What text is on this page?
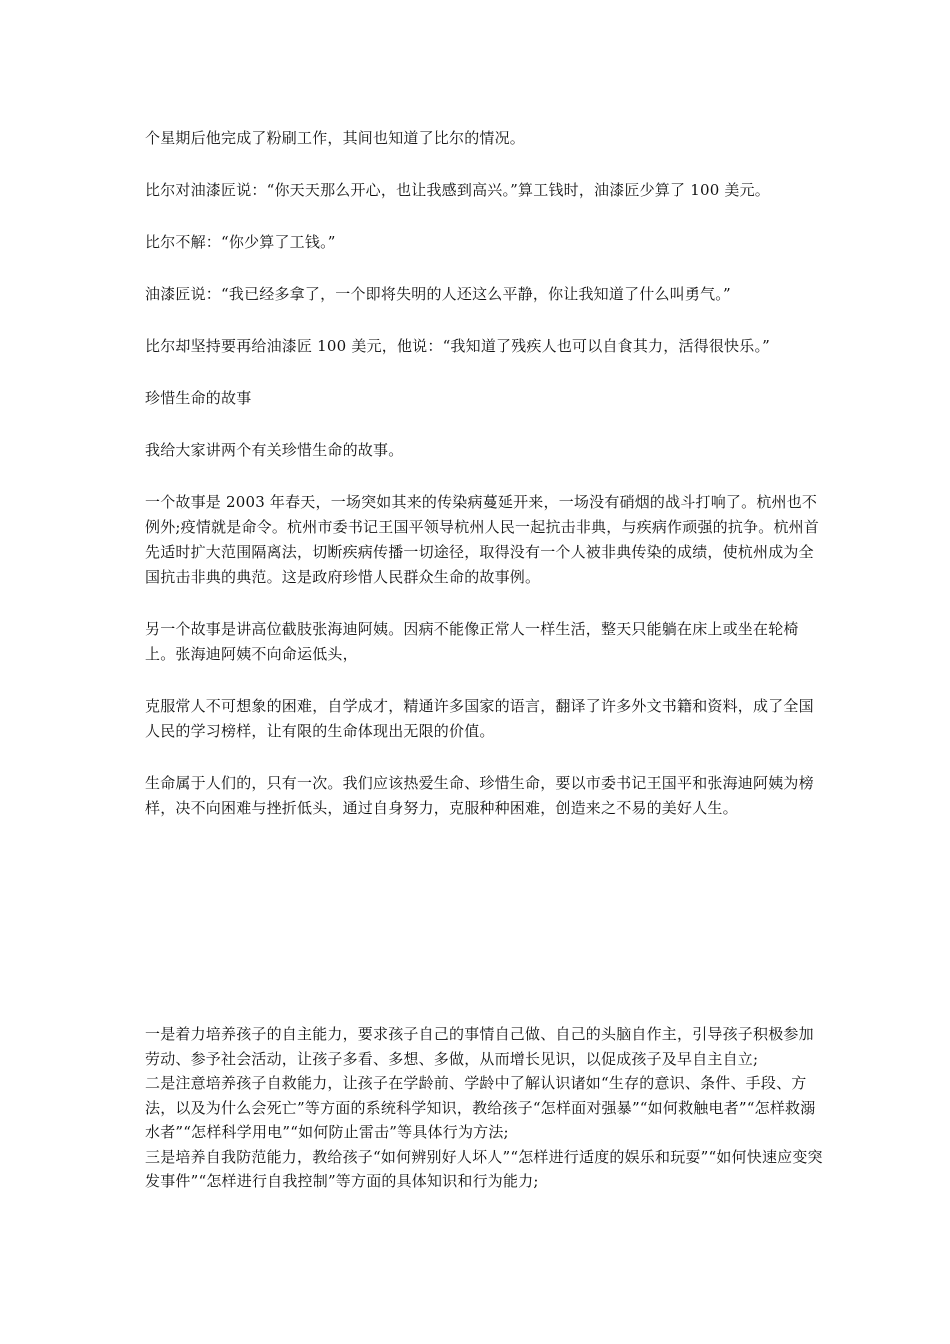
个星期后他完成了粉刷工作，其间也知道了比尔的情况。

比尔对油漆匠说：“你天天那么开心，也让我感到高兴。”算工钱时，油漆匠少算了 100 美元。

比尔不解：“你少算了工钱。”

油漆匠说：“我已经多拿了，一个即将失明的人还这么平静，你让我知道了什么叫勇气。”

比尔却坚持要再给油漆匠 100 美元，他说：“我知道了残疾人也可以自食其力，活得很快乐。”

珍惜生命的故事

我给大家讲两个有关珍惜生命的故事。

一个故事是 2003 年春天，一场突如其来的传染病蔓延开来，一场没有硝烟的战斗打响了。杭州也不例外;疫情就是命令。杭州市委书记王国平领导杭州人民一起抗击非典，与疾病作顽强的抗争。杭州首先适时扩大范围隔离法，切断疾病传播一切途径，取得没有一个人被非典传染的成绩，使杭州成为全国抗击非典的典范。这是政府珍惜人民群众生命的故事例。

另一个故事是讲高位截肢张海迪阿姨。因病不能像正常人一样生活，整天只能躺在床上或坐在轮椅上。张海迪阿姨不向命运低头，

克服常人不可想象的困难，自学成才，精通许多国家的语言，翻译了许多外文书籍和资料，成了全国人民的学习榜样，让有限的生命体现出无限的价值。

生命属于人们的，只有一次。我们应该热爱生命、珍惜生命，要以市委书记王国平和张海迪阿姨为榜样，决不向困难与挫折低头，通过自身努力，克服种种困难，创造来之不易的美好人生。

一是着力培养孩子的自主能力，要求孩子自己的事情自己做、自己的头脑自作主，引导孩子积极参加劳动、参予社会活动，让孩子多看、多想、多做，从而增长见识，以促成孩子及早自主自立;

二是注意培养孩子自救能力，让孩子在学龄前、学龄中了解认识诸如“生存的意识、条件、手段、方法，以及为什么会死亡”等方面的系统科学知识，教给孩子“怎样面对强暴”“如何救触电者”“怎样救溺水者”“怎样科学用电”“如何防止雷击”等具体行为方法;

三是培养自我防范能力，教给孩子“如何辨别好人坏人”“怎样进行适度的娱乐和玩耍”“如何快速应变突发事件”“怎样进行自我控制”等方面的具体知识和行为能力;
